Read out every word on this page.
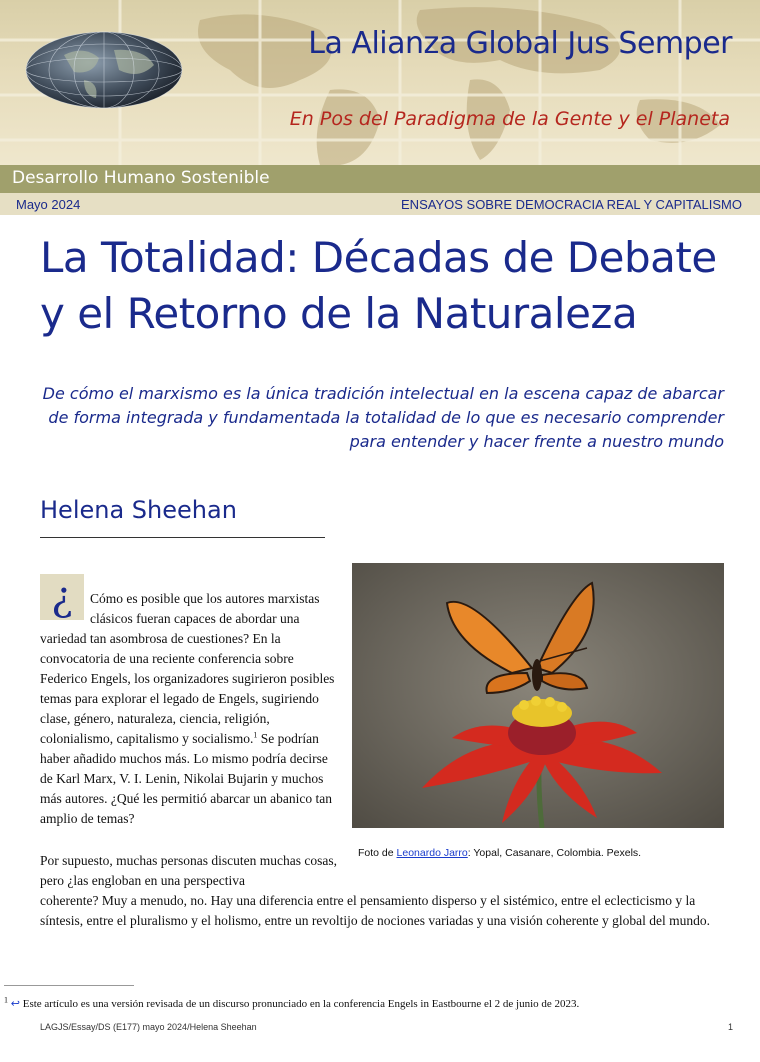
La Alianza Global Jus Semper
En Pos del Paradigma de la Gente y el Planeta
Desarrollo Humano Sostenible
Mayo 2024	ENSAYOS SOBRE DEMOCRACIA REAL Y CAPITALISMO
La Totalidad: Décadas de Debate
y el Retorno de la Naturaleza
De cómo el marxismo es la única tradición intelectual en la escena capaz de abarcar de forma integrada y fundamentada la totalidad de lo que es necesario comprender para entender y hacer frente a nuestro mundo
Helena Sheehan
¿	Cómo es posible que los autores marxistas clásicos fueran capaces de abordar una
variedad tan asombrosa de cuestiones? En la convocatoria de una reciente conferencia sobre Federico Engels, los organizadores sugirieron posibles temas para explorar el legado de Engels, sugiriendo clase, género, naturaleza, ciencia, religión, colonialismo, capitalismo y socialismo.$^1$ Se podrían haber añadido muchos más. Lo mismo podría decirse de Karl Marx, V. I. Lenin, Nikolai Bujarin y muchos más autores. ¿Qué les permitió abarcar un abanico tan amplio de temas?
Foto de Leonardo Jarro: Yopal, Casanare, Colombia. Pexels.
Por supuesto, muchas personas discuten muchas cosas, pero ¿las engloban en una perspectiva
coherente? Muy a menudo, no. Hay una diferencia entre el pensamiento disperso y el sistémico, entre el eclecticismo y la síntesis, entre el pluralismo y el holismo, entre un revoltijo de nociones variadas y una visión coherente y global del mundo.
$^1$ ↩ Este artículo es una versión revisada de un discurso pronunciado en la conferencia Engels in Eastbourne el 2 de junio de 2023.
LAGJS/Essay/DS (E177) mayo 2024/Helena Sheehan	1
